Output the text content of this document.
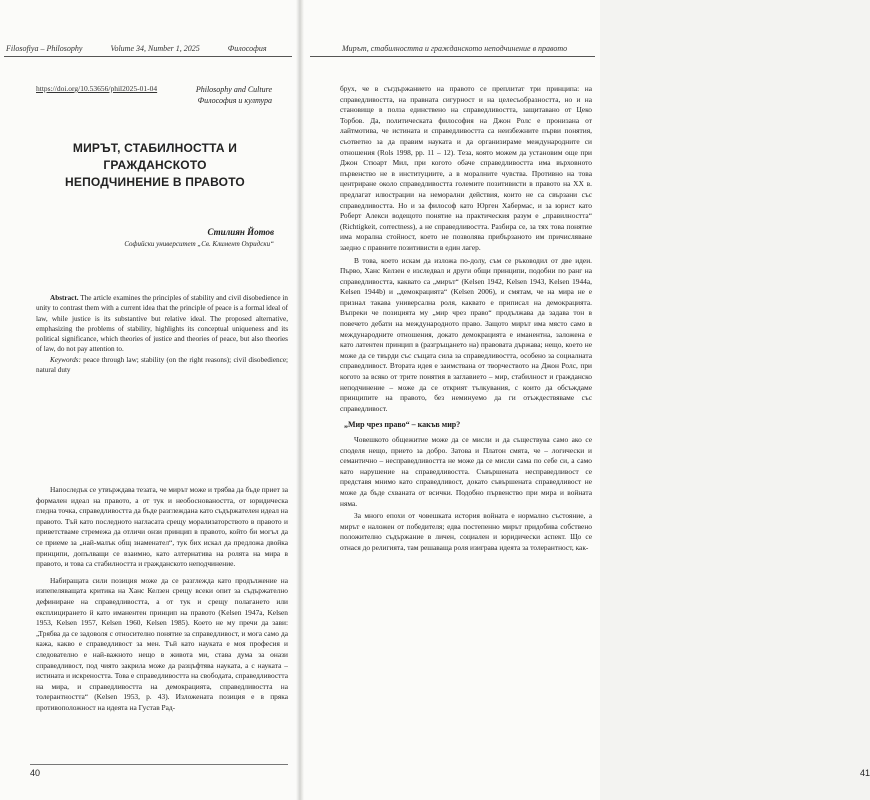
Filosofiya – Philosophy	Volume 34, Number 1, 2025	Философия
https://doi.org/10.53656/phil2025-01-04	Philosophy and Culture
Философия и култура
МИРЪТ, СТАБИЛНОСТТА И ГРАЖДАНСКОТО
НЕПОДЧИНЕНИЕ В ПРАВОТО
Стилиян Йотов
Софийски университет „Св. Климент Охридски“
Abstract. The article examines the principles of stability and civil disobedience in unity to contrast them with a current idea that the principle of peace is a formal ideal of law, while justice is its substantive but relative ideal. The proposed alternative, emphasizing the problems of stability, highlights its conceptual uniqueness and its political significance, which theories of justice and theories of peace, but also theories of law, do not pay attention to.
Keywords: peace through law; stability (on the right reasons); civil disobedience; natural duty

Напоследък се утвърждава тезата, че мирът може и трябва да бъде приет за формален идеал на правото, а от тук и необосноваността, от юридическа гледна точка, справедливостта да бъде разглеждана като съдържателен идеал на правото. Тъй като последното нагласата срещу морализаторството в правото и приветстваме стремежа да отличи онзи принцип в правото, който би могъл да се приеме за „най-малък общ знаменател“, тук бих искал да предложа двойка принципи, допълващи се взаимно, като алтернатива на ролята на мира в правото, и това са стабилността и гражданското неподчинение.

Набиращата сили позиция може да се разглежда като продължение на изпепеляващата критика на Ханс Келзен срещу всеки опит за съдържателно дефиниране на справедливостта, а от тук и срещу полагането или експлицирането й като иманентен принцип на правото (Kelsen 1947a, Kelsen 1953, Kelsen 1957, Kelsen 1960, Kelsen 1985). Което не му пречи да зави: „Трябва да се задоволя с относително понятие за справедливост, и мога само да кажа, какво е справедливост за мен. Тъй като науката е моя професия и следователно е най-важното нещо в живота ми, става дума за онази справедливост, под чиято закрила може да разцъфтява науката, а с науката – истината и искреността. Това е справедливостта на свободата, справедливостта на мира, и справедливостта на демокрацията, справедливостта на толерантността“ (Kelsen 1953, p. 43). Изложената позиция е в пряка противоположност на идеята на Густав Рад-

40
Мирът, стабилността и гражданското неподчинение в правото

брух, че в съгдържанието на правото се преплитат три принципа: на справедливостта, на правната сигурност и на целесъобразността, но и на становище в полза единствено на справедливостта, защитавано от Цеко Торбов. Да, политическата философия на Джон Ролс е пронизана от лайтмотива, че истината и справедливостта са неизбежните първи понятия, съответно за да правим науката и да организираме международните си отношения (Rols 1998, pp. 11 – 12). Теза, която можем да установим още при Джон Стюарт Мил, при когото обаче справедливостта има върховното първенство не в институциите, а в моралните чувства. Противно на това центриране около справедливостта големите позитивисти в правото на XX в. предлагат илюстрации на неморални действия, които не са свързани със справедливостта. Но и за философ като Юрген Хабермас, и за юрист като Роберт Алекси водещото понятие на практическия разум е „правилността“ (Richtigkeit, correctness), а не справедливостта. Разбира се, за тях това понятие има морална стойност, което не позволява прибързаното им причисляване заедно с правните позитивисти в един лагер.

В това, което искам да изложа по-долу, съм се ръководил от две идеи. Първо, Ханс Келзен е изследвал и други общи принципи, подобни по ранг на справедливостта, каквато са „мирът“ (Kelsen 1942, Kelsen 1943, Kelsen 1944a, Kelsen 1944b) и „демокрацията“ (Kelsen 2006), и смятам, че на мира не е признал такава универсална роля, каквато е приписал на демокрацията. Въпреки че позицията му „мир чрез право“ продължава да задава тон в повечето дебати на международното право. Защото мирът има място само в международните отношения, докато демокрацията е иманентна, заложена е като латентен принцип в (разгръщането на) правовата държава; нещо, което не може да се твърди със същата сила за справедливостта, особено за социалната справедливост. Втората идея е заимствана от творчеството на Джон Ролс, при когото за всяко от трите понятия в заглавието – мир, стабилност и гражданско неподчинение – може да се открият тълкувания, с които да обсъждаме принципите на правото, без неминуемо да ги отъждествяваме със справедливост.

„Мир чрез право“ – какъв мир?

Човешкото общежитие може да се мисли и да съществува само ако се споделя нещо, прието за добро. Затова и Платон смята, че – логически и семантично – несправедливостта не може да се мисли сама по себе си, а само като нарушение на справедливостта. Съвършената несправедливост се представя мнимо като справедливост, докато съвършената справедливост не може да бъде схваната от всички. Подобно първенство при мира и войната няма.

За много епохи от човешката история войната е нормално състояние, а мирът е наложен от победителя; едва постепенно мирът придобива собствено положително съдържание в личен, социален и юридически аспект. Що се отнася до религията, там решаваща роля изиграва идеята за толерантност, как-

41
